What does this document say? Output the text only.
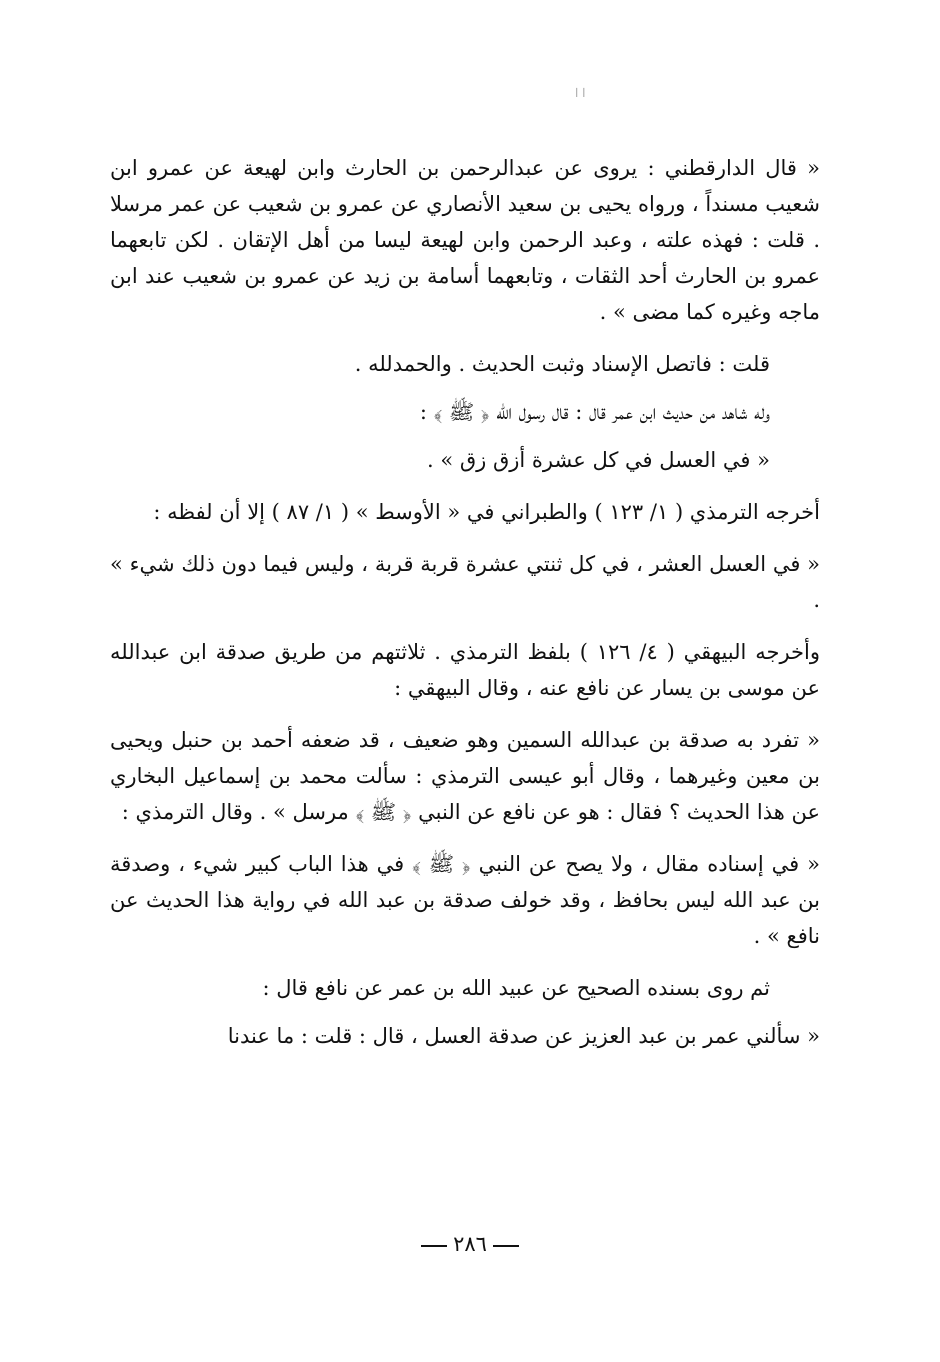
ا ا

« قال الدارقطني : يروى عن عبدالرحمن بن الحارث وابن لهيعة عن عمرو ابن شعيب مسنداً ، ورواه يحيى بن سعيد الأنصاري عن عمرو بن شعيب عن عمر مرسلا . قلت : فهذه علته ، وعبد الرحمن وابن لهيعة ليسا من أهل الإتقان . لكن تابعهما عمرو بن الحارث أحد الثقات ، وتابعهما أسامة بن زيد عن عمرو بن شعيب عند ابن ماجه وغيره كما مضى » .

قلت : فاتصل الإسناد وثبت الحديث . والحمدلله .

وله شاهد من حديث ابن عمر قال : قال رسول الله ﴿ ﷺ ﴾ :

« في العسل في كل عشرة أزق زق » .

أخرجه الترمذي ( ١/ ١٢٣ ) والطبراني في « الأوسط » ( ١/ ٨٧ ) إلا أن لفظه :

« في العسل العشر ، في كل ثنتي عشرة قربة قربة ، وليس فيما دون ذلك شيء » .

وأخرجه البيهقي ( ٤/ ١٢٦ ) بلفظ الترمذي . ثلاثتهم من طريق صدقة ابن عبدالله عن موسى بن يسار عن نافع عنه ، وقال البيهقي :

« تفرد به صدقة بن عبدالله السمين وهو ضعيف ، قد ضعفه أحمد بن حنبل ويحيى بن معين وغيرهما ، وقال أبو عيسى الترمذي : سألت محمد بن إسماعيل البخاري عن هذا الحديث ؟ فقال : هو عن نافع عن النبي ﴿ ﷺ ﴾ مرسل » . وقال الترمذي :

« في إسناده مقال ، ولا يصح عن النبي ﴿ ﷺ ﴾ في هذا الباب كبير شيء ، وصدقة بن عبد الله ليس بحافظ ، وقد خولف صدقة بن عبد الله في رواية هذا الحديث عن نافع » .

ثم روى بسنده الصحيح عن عبيد الله بن عمر عن نافع قال :

« سألني عمر بن عبد العزيز عن صدقة العسل ، قال : قلت : ما عندنا

٢٨٦
